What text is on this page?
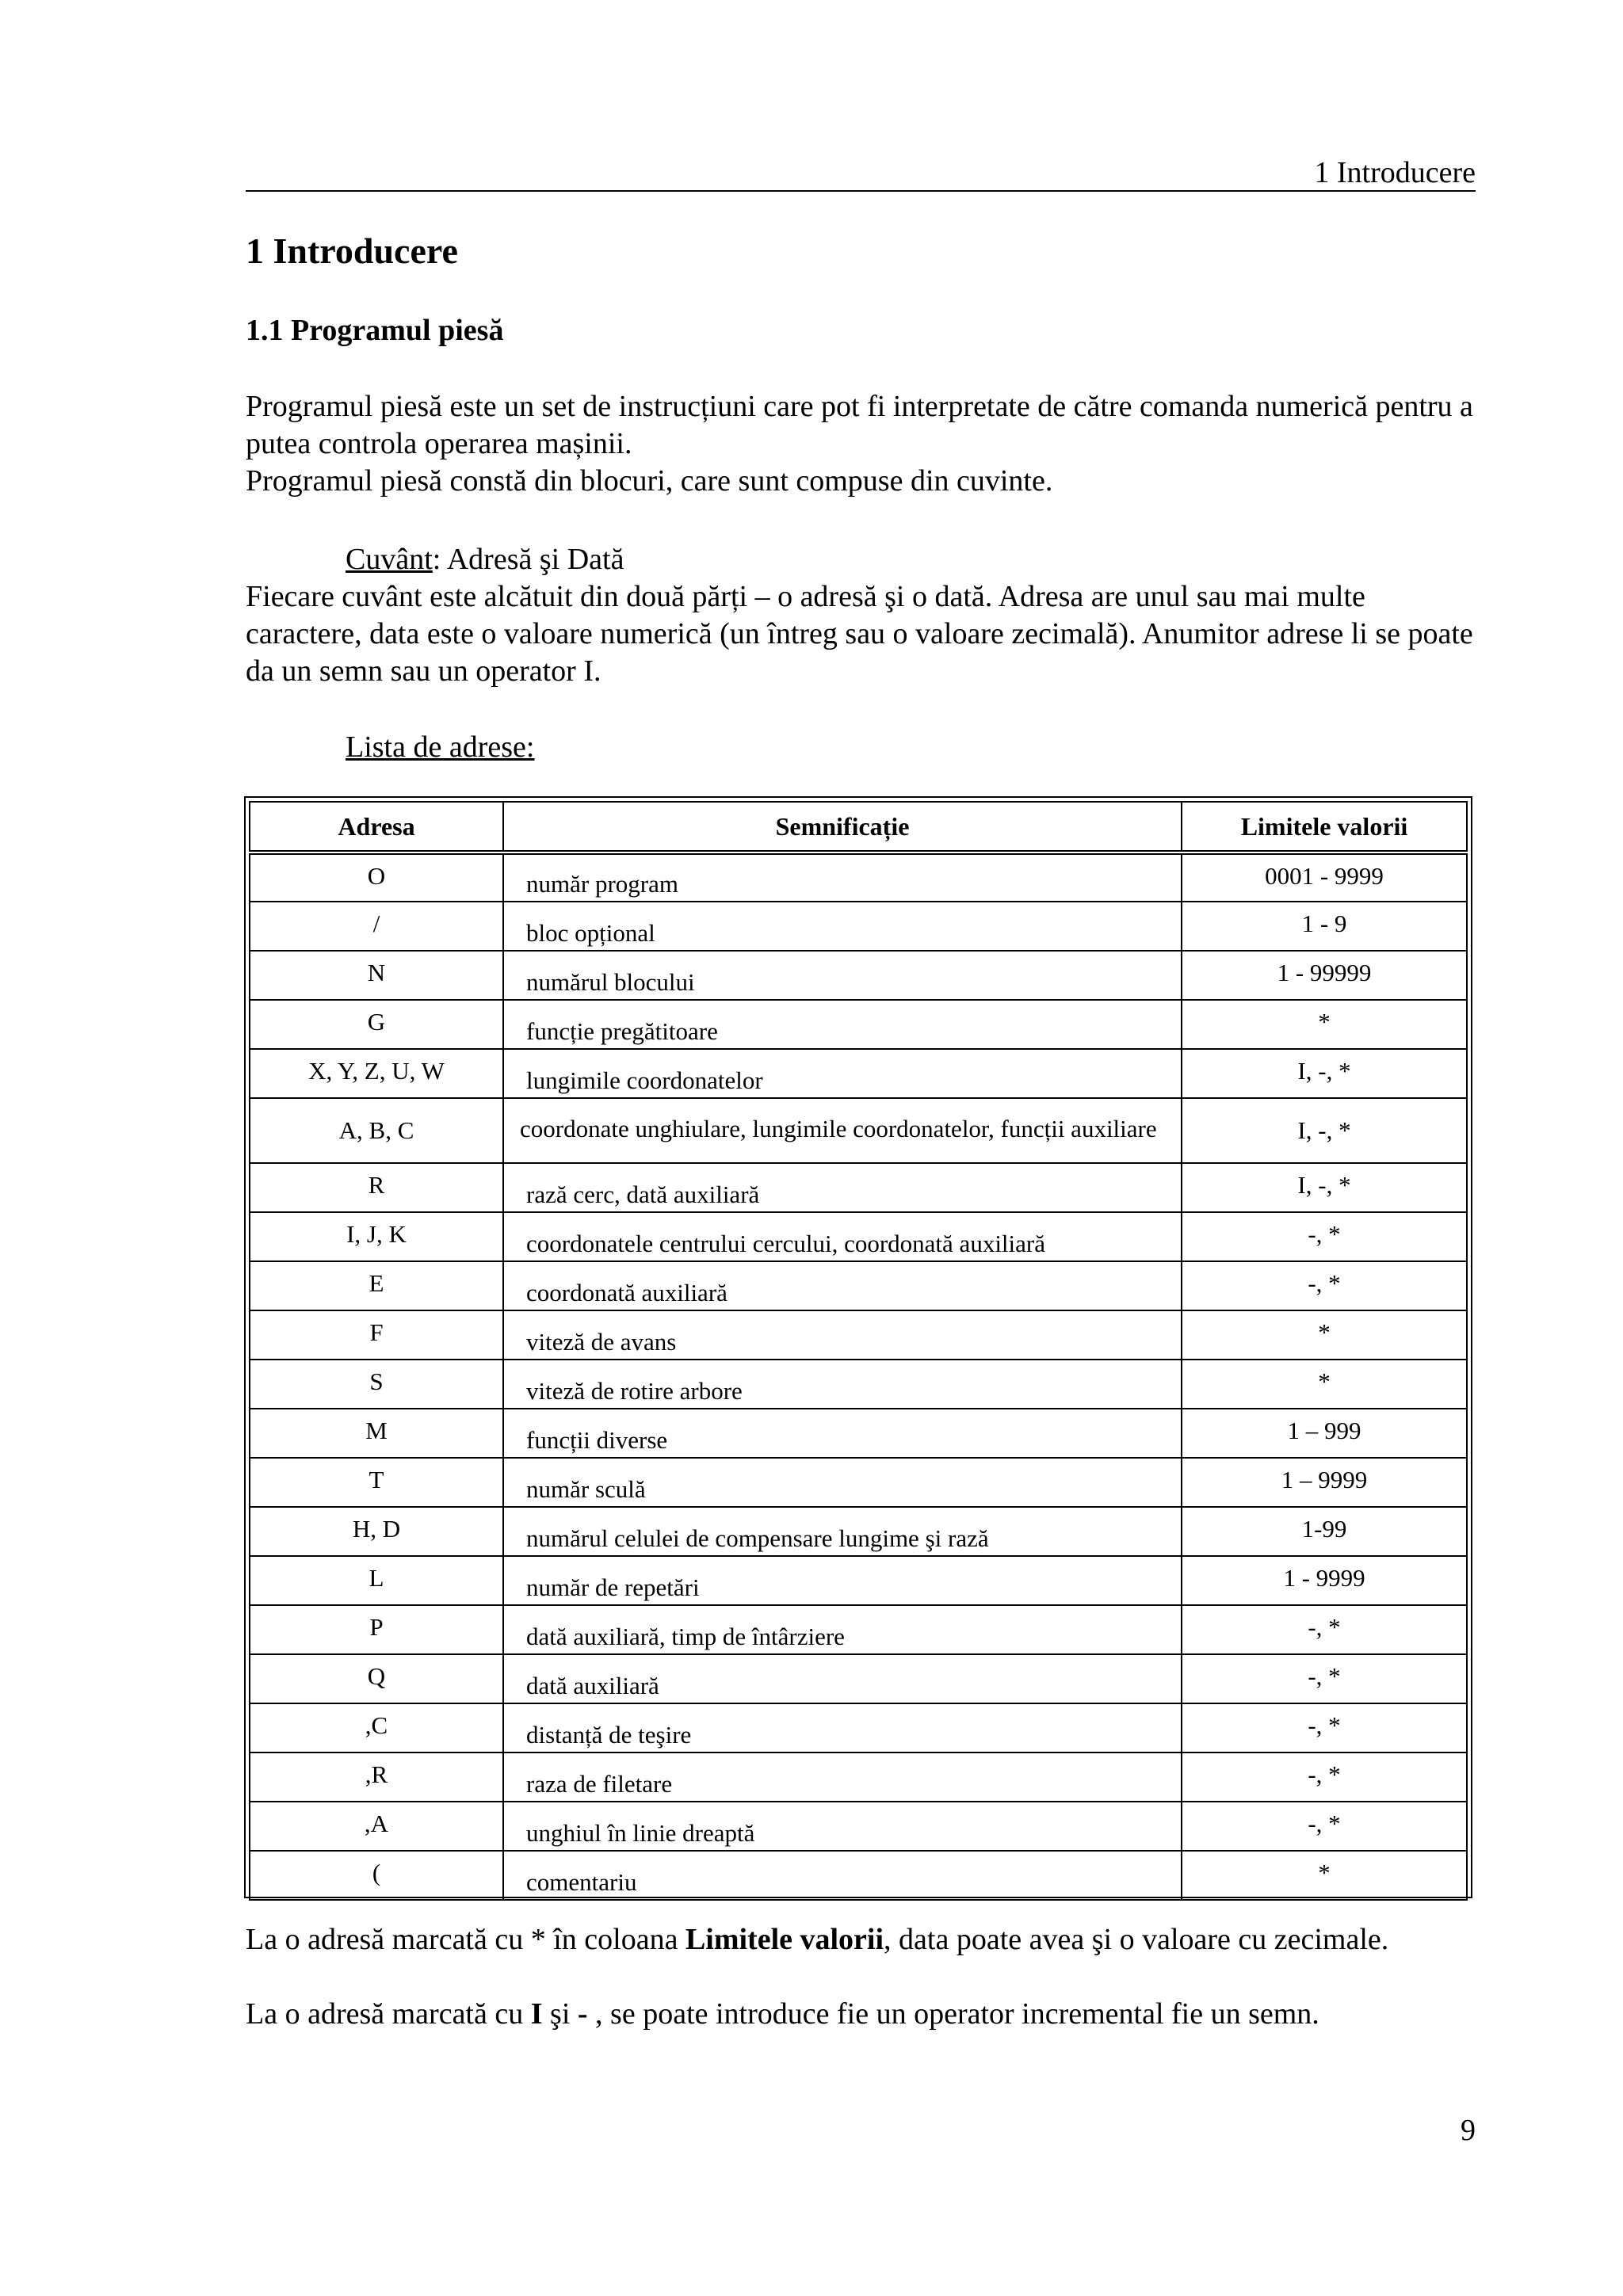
1 Introducere
1 Introducere
1.1 Programul piesă

Programul piesă este un set de instrucțiuni care pot fi interpretate de către comanda numerică pentru a putea controla operarea mașinii.

Programul piesă constă din blocuri, care sunt compuse din cuvinte.

Cuvânt: Adresă şi Dată

Fiecare cuvânt este alcătuit din două părți – o adresă şi o dată. Adresa are unul sau mai multe caractere, data este o valoare numerică (un întreg sau o valoare zecimală). Anumitor adrese li se poate da un semn sau un operator I.

Lista de adrese:

Adresa	Semnificație	Limitele valorii
O	număr program	0001 - 9999
/	bloc opțional	1 - 9
N	numărul blocului	1 - 99999
G	funcție pregătitoare	*
X, Y, Z, U, W	lungimile coordonatelor	I, -, *
A, B, C	coordonate unghiulare, lungimile coordonatelor, funcții auxiliare	I, -, *
R	rază cerc, dată auxiliară	I, -, *
I, J, K	coordonatele centrului cercului, coordonată auxiliară	-, *
E	coordonată auxiliară	-, *
F	viteză de avans	*
S	viteză de rotire arbore	*
M	funcții diverse	1 – 999
T	număr sculă	1 – 9999
H, D	numărul celulei de compensare lungime şi rază	1-99
L	număr de repetări	1 - 9999
P	dată auxiliară, timp de întârziere	-, *
Q	dată auxiliară	-, *
,C	distanță de teşire	-, *
,R	raza de filetare	-, *
,A	unghiul în linie dreaptă	-, *
(	comentariu	*

La o adresă marcată cu * în coloana Limitele valorii, data poate avea şi o valoare cu zecimale.

La o adresă marcată cu I şi - , se poate introduce fie un operator incremental fie un semn.

9
